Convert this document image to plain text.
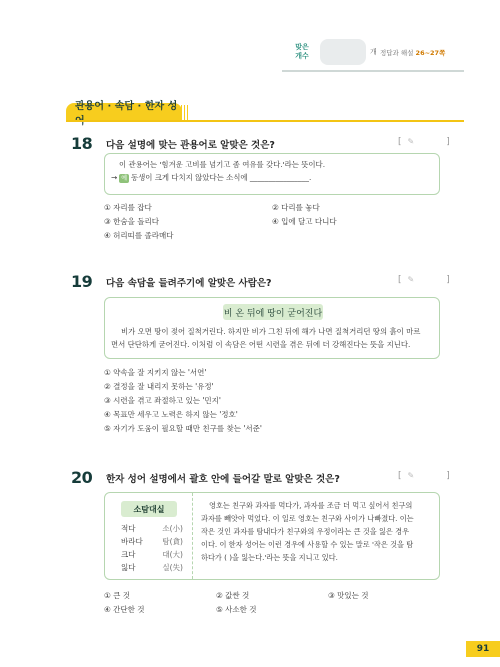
맞은
개수	개 정답과 해설 26~27쪽
관용어 · 속담 · 한자 성
18 다음 설명에 맞는 관용어로 알맞은 것은?	[ ✎	]
이 관용어는 '힘겨운 고비를 넘기고 좀 여유를 갖다.'라는 뜻이다.
→ 예 동생이 크게 다치지 않았다는 소식에 ________________.
① 자리를 잡다	② 다리를 놓다
③ 한숨을 돌리다	④ 입에 달고 다니다
④ 허리띠를 졸라매다
19 다음 속담을 들려주기에 알맞은 사람은?	[ ✎	]
비 온 뒤에 땅이 굳어진다
비가 오면 땅이 젖어 질척거린다. 하지만 비가 그친 뒤에 해가 나면 질척거리던 땅의 흙이 마르
면서 단단하게 굳어진다. 이처럼 이 속담은 어떤 시련을 겪은 뒤에 더 강해진다는 뜻을 지닌다.
① 약속을 잘 지키지 않는 '서연'
② 결정을 잘 내리지 못하는 '유정'
③ 시련을 겪고 좌절하고 있는 '민지'
④ 목표만 세우고 노력은 하지 않는 '정호'
⑤ 자기가 도움이 필요할 때만 친구를 찾는 '서준'
20 한자 성어 설명에서 괄호 안에 들어갈 말로 알맞은 것은?	[ ✎	]
소탐대실
적다	소(小)
바라다	탐(貪)
크다	대(大)
잃다	실(失)
영호는 친구와 과자를 먹다가, 과자를 조금 더 먹고 싶어서 친구의
과자를 빼앗아 먹었다. 이 일로 영호는 친구와 사이가 나빠졌다. 이는
작은 것인 과자를 탐내다가 친구와의 우정이라는 큰 것을 잃은 경우
이다. 이 한자 성어는 이런 경우에 사용할 수 있는 말로 '작은 것을 탐
하다가 ( )을 잃는다.'라는 뜻을 지니고 있다.
① 큰 것	② 값싼 것	③ 맛있는 것
④ 간단한 것	⑤ 사소한 것
91
